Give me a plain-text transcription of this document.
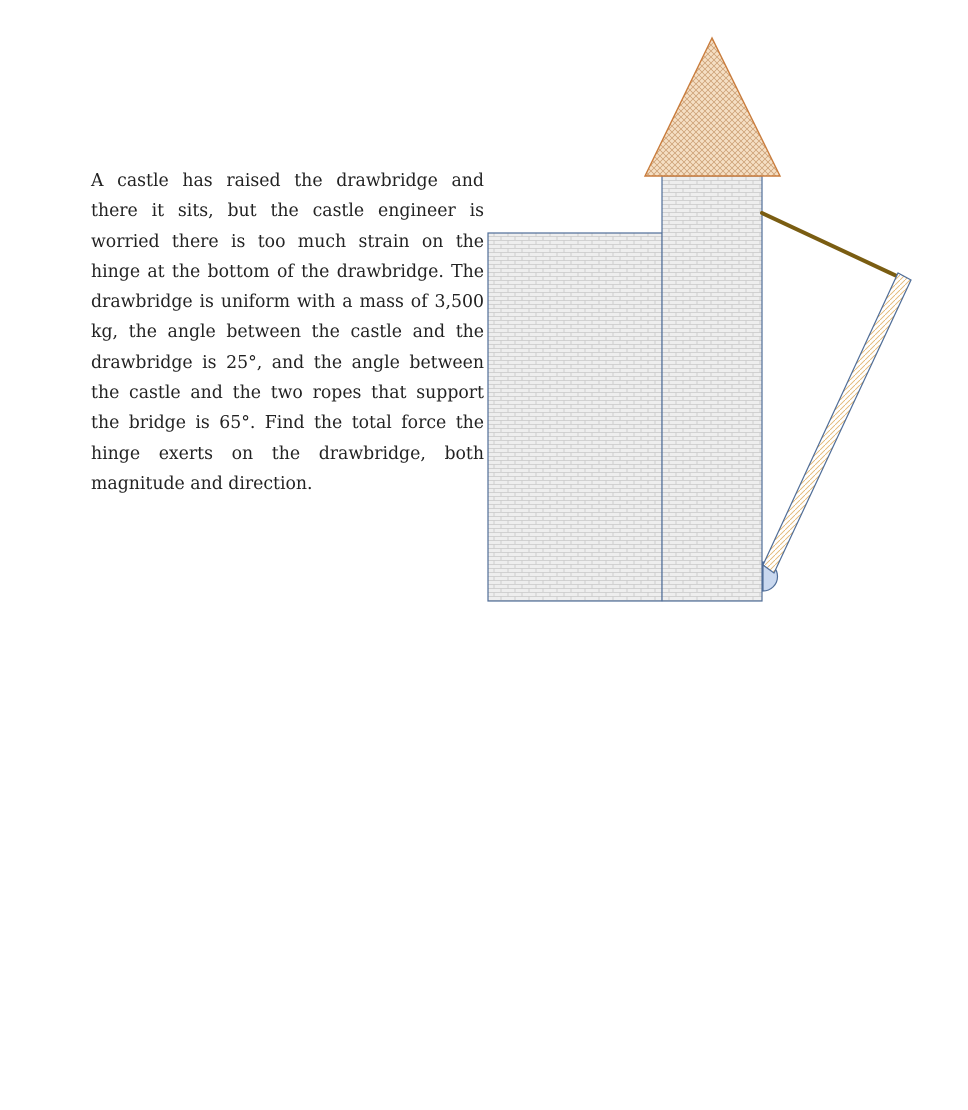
A castle has raised the drawbridge and there it sits, but the castle engineer is worried there is too much strain on the hinge at the bottom of the drawbridge. The drawbridge is uniform with a mass of 3,500 kg, the angle between the castle and the drawbridge is 25°, and the angle between the castle and the two ropes that support the bridge is 65°. Find the total force the hinge exerts on the drawbridge, both magnitude and direction.
